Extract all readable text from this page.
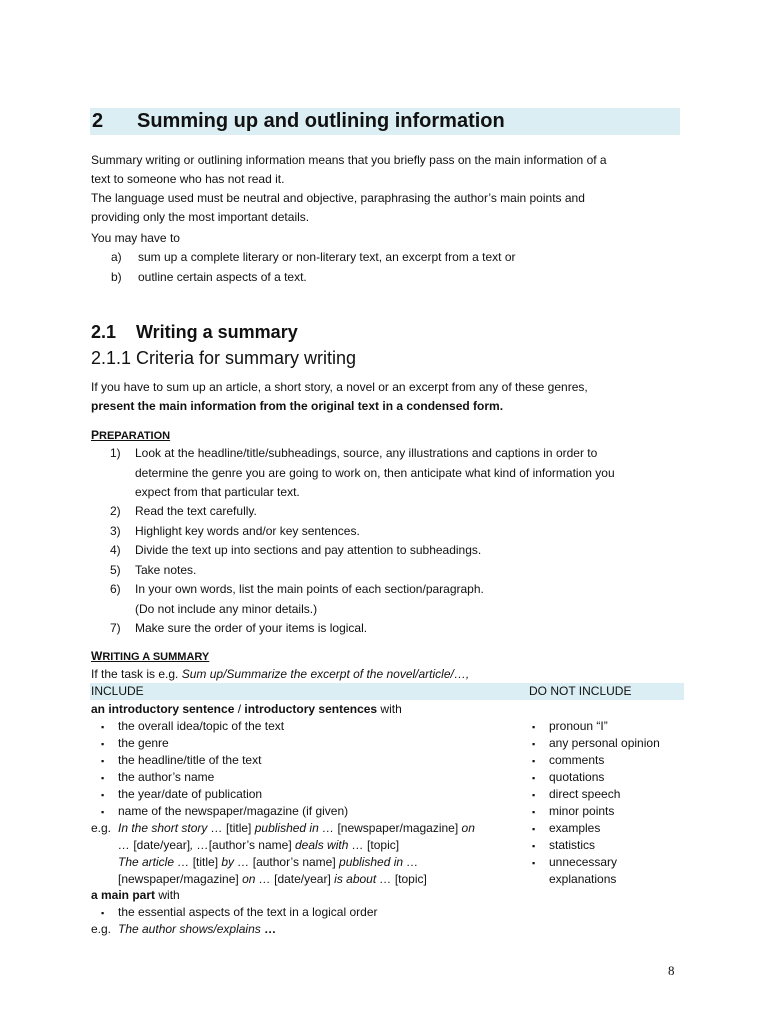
2 Summing up and outlining information
Summary writing or outlining information means that you briefly pass on the main information of a
text to someone who has not read it.
The language used must be neutral and objective, paraphrasing the author’s main points and
providing only the most important details.
You may have to
a) sum up a complete literary or non-literary text, an excerpt from a text or
b) outline certain aspects of a text.
2.1 Writing a summary
2.1.1 Criteria for summary writing
If you have to sum up an article, a short story, a novel or an excerpt from any of these genres,
present the main information from the original text in a condensed form.
PREPARATION
1) Look at the headline/title/subheadings, source, any illustrations and captions in order to
determine the genre you are going to work on, then anticipate what kind of information you
expect from that particular text.
2) Read the text carefully.
3) Highlight key words and/or key sentences.
4) Divide the text up into sections and pay attention to subheadings.
5) Take notes.
6) In your own words, list the main points of each section/paragraph.
(Do not include any minor details.)
7) Make sure the order of your items is logical.
WRITING A SUMMARY
If the task is e.g. Sum up/Summarize the excerpt of the novel/article/…,
INCLUDE	DO NOT INCLUDE
an introductory sentence / introductory sentences with
▪ the overall idea/topic of the text
▪ the genre
▪ the headline/title of the text
▪ the author’s name
▪ the year/date of publication
▪ name of the newspaper/magazine (if given)
e.g. In the short story … [title] published in … [newspaper/magazine] on
… [date/year], …[author’s name] deals with … [topic]
The article … [title] by … [author’s name] published in …
[newspaper/magazine] on … [date/year] is about … [topic]
a main part with
▪ the essential aspects of the text in a logical order
e.g. The author shows/explains …
▪ pronoun “I”
▪ any personal opinion
▪ comments
▪ quotations
▪ direct speech
▪ minor points
▪ examples
▪ statistics
▪ unnecessary
explanations
8
